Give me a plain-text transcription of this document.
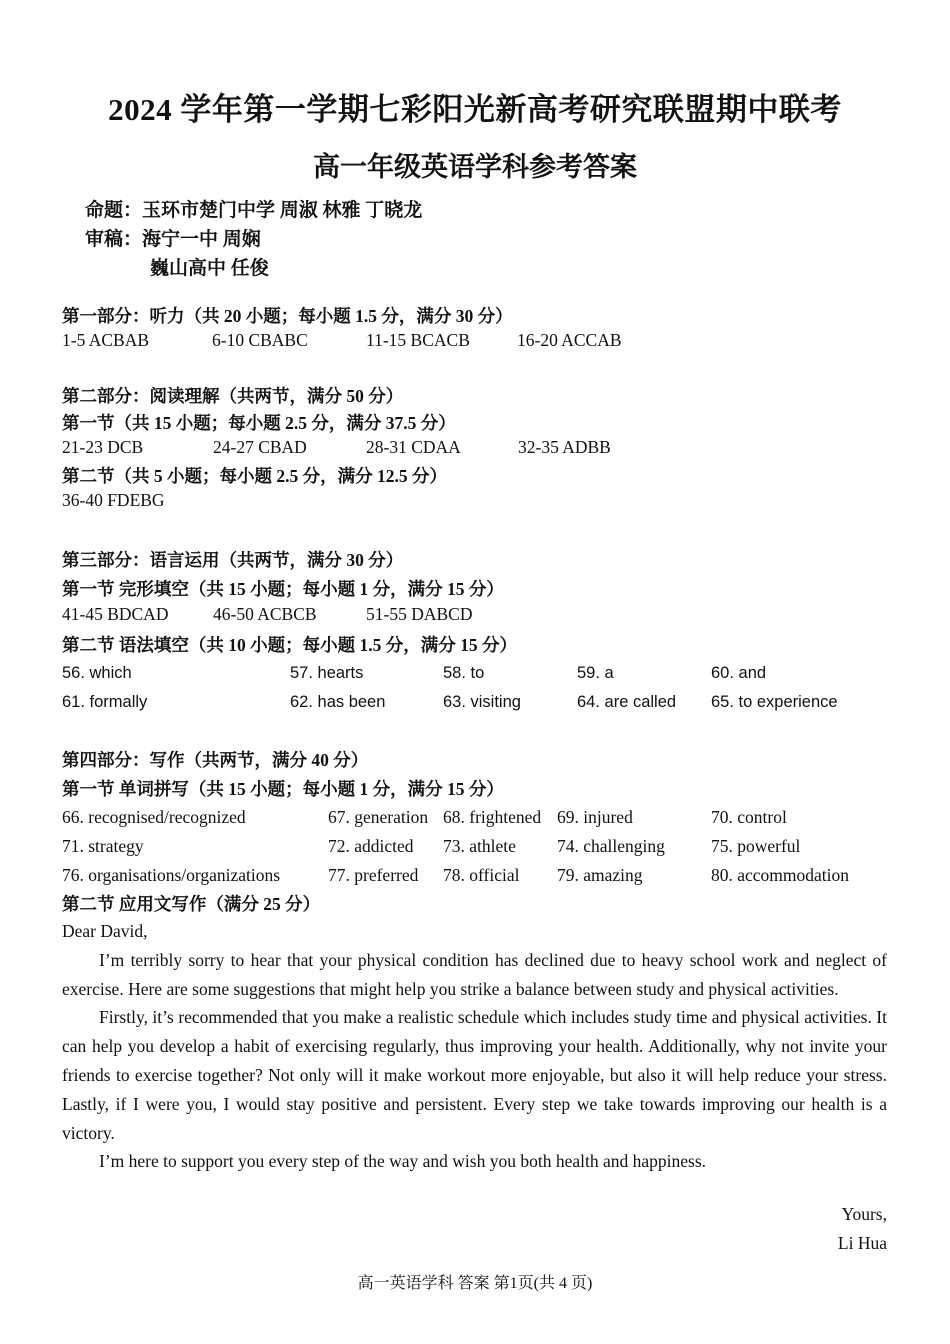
2024 学年第一学期七彩阳光新高考研究联盟期中联考
高一年级英语学科参考答案
命题：玉环市楚门中学 周淑 林雅 丁晓龙
审稿：海宁一中 周娴
巍山高中 任俊
第一部分：听力（共 20 小题；每小题 1.5 分，满分 30 分）
1-5 ACBAB	6-10 CBABC	11-15 BCACB	16-20 ACCAB
第二部分：阅读理解（共两节，满分 50 分）
第一节（共 15 小题；每小题 2.5 分，满分 37.5 分）
21-23 DCB	24-27 CBAD	28-31 CDAA	32-35 ADBB
第二节（共 5 小题；每小题 2.5 分，满分 12.5 分）
36-40 FDEBG
第三部分：语言运用（共两节，满分 30 分）
第一节 完形填空（共 15 小题；每小题 1 分，满分 15 分）
41-45 BDCAD	46-50 ACBCB	51-55 DABCD
第二节 语法填空（共 10 小题；每小题 1.5 分，满分 15 分）
56. which	57. hearts	58. to	59. a	60. and
61. formally	62. has been	63. visiting	64. are called 65. to experience
第四部分：写作（共两节，满分 40 分）
第一节 单词拼写（共 15 小题；每小题 1 分，满分 15 分）
66. recognised/recognized	67. generation 68. frightened 69. injured	70. control
71. strategy	72. addicted 73. athlete 74. challenging	75. powerful
76. organisations/organizations	77. preferred 78. official 79. amazing	80. accommodation
第二节 应用文写作（满分 25 分）

Dear David,

I’m terribly sorry to hear that your physical condition has declined due to heavy school work and neglect of exercise. Here are some suggestions that might help you strike a balance between study and physical activities.

Firstly, it’s recommended that you make a realistic schedule which includes study time and physical activities. It can help you develop a habit of exercising regularly, thus improving your health. Additionally, why not invite your friends to exercise together? Not only will it make workout more enjoyable, but also it will help reduce your stress. Lastly, if I were you, I would stay positive and persistent. Every step we take towards improving our health is a victory.

I’m here to support you every step of the way and wish you both health and happiness.

Yours,
Li Hua
高一英语学科 答案 第1页(共 4 页)
